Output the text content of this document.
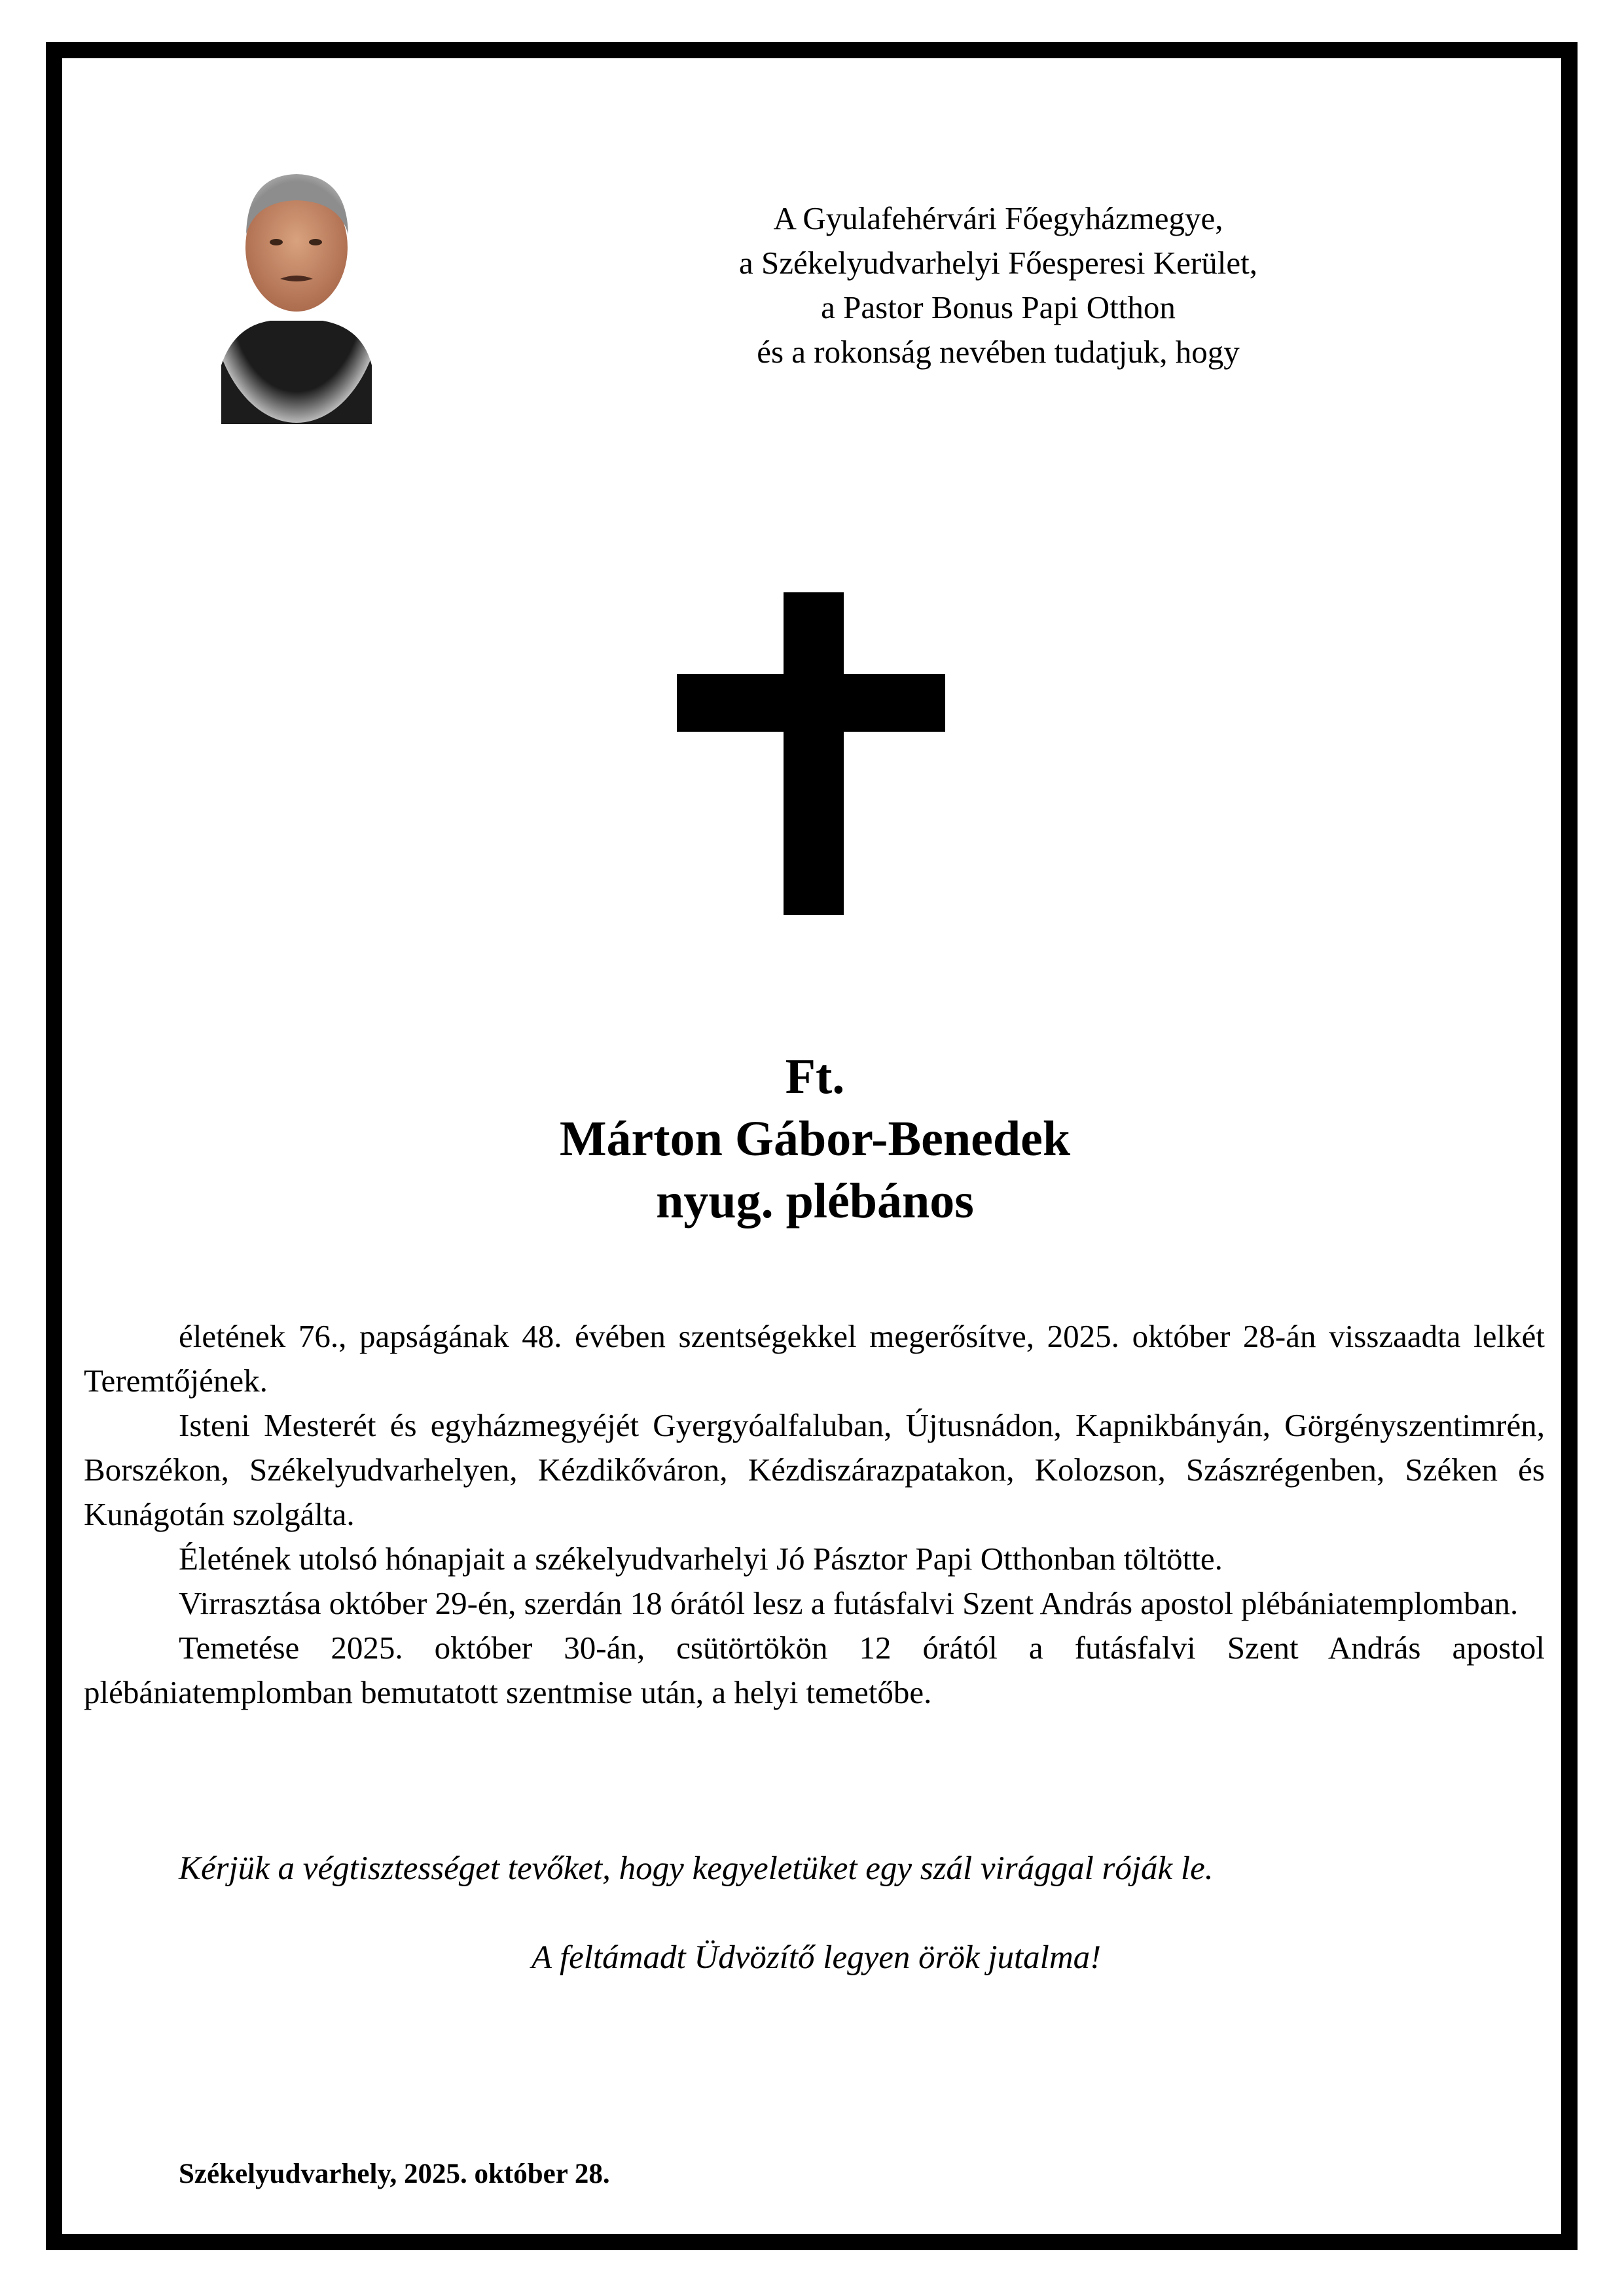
A Gyulafehérvári Főegyházmegye,
a Székelyudvarhelyi Főesperesi Kerület,
a Pastor Bonus Papi Otthon
és a rokonság nevében tudatjuk, hogy
Ft.
Márton Gábor-Benedek
nyug. plébános

életének 76., papságának 48. évében szentségekkel megerősítve, 2025. október 28-án visszaadta lelkét Teremtőjének.

Isteni Mesterét és egyházmegyéjét Gyergyóalfaluban, Újtusnádon, Kapnikbányán, Görgényszentimrén, Borszékon, Székelyudvarhelyen, Kézdikőváron, Kézdiszárazpatakon, Kolozson, Szászrégenben, Széken és Kunágotán szolgálta.

Életének utolsó hónapjait a székelyudvarhelyi Jó Pásztor Papi Otthonban töltötte.

Virrasztása október 29-én, szerdán 18 órától lesz a futásfalvi Szent András apostol plébániatemplomban.

Temetése 2025. október 30-án, csütörtökön 12 órától a futásfalvi Szent András apostol plébániatemplomban bemutatott szentmise után, a helyi temetőbe.

Kérjük a végtisztességet tevőket, hogy kegyeletüket egy szál virággal róják le.
A feltámadt Üdvözítő legyen örök jutalma!
Székelyudvarhely, 2025. október 28.
